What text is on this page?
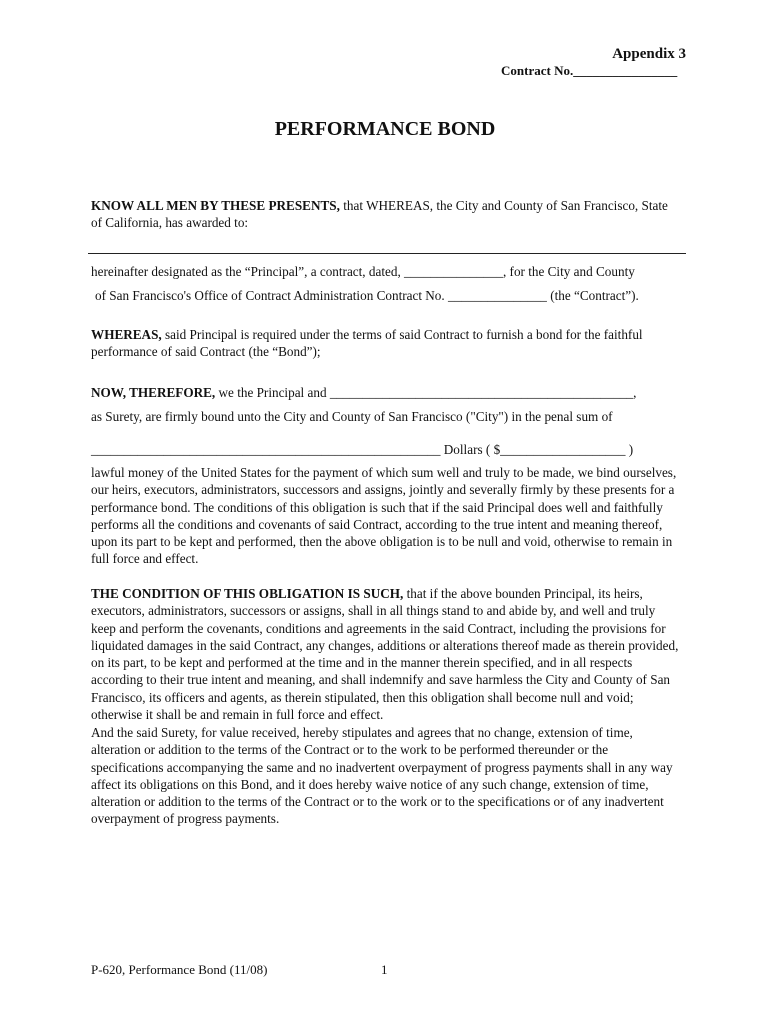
Appendix 3
Contract No.________________
PERFORMANCE BOND
KNOW ALL MEN BY THESE PRESENTS, that WHEREAS, the City and County of San Francisco, State of California, has awarded to:
hereinafter designated as the “Principal”, a contract, dated, _______________, for the City and County
of San Francisco's Office of Contract Administration Contract No. _______________ (the “Contract”).
WHEREAS, said Principal is required under the terms of said Contract to furnish a bond for the faithful performance of said Contract (the “Bond”);
NOW, THEREFORE, we the Principal and ______________________________________________,
as Surety, are firmly bound unto the City and County of San Francisco ("City") in the penal sum of
_____________________________________________________ Dollars ( $___________________ )
lawful money of the United States for the payment of which sum well and truly to be made, we bind ourselves, our heirs, executors, administrators, successors and assigns, jointly and severally firmly by these presents for a performance bond. The conditions of this obligation is such that if the said Principal does well and faithfully performs all the conditions and covenants of said Contract, according to the true intent and meaning thereof, upon its part to be kept and performed, then the above obligation is to be null and void, otherwise to remain in full force and effect.
THE CONDITION OF THIS OBLIGATION IS SUCH, that if the above bounden Principal, its heirs, executors, administrators, successors or assigns, shall in all things stand to and abide by, and well and truly keep and perform the covenants, conditions and agreements in the said Contract, including the provisions for liquidated damages in the said Contract, any changes, additions or alterations thereof made as therein provided, on its part, to be kept and performed at the time and in the manner therein specified, and in all respects according to their true intent and meaning, and shall indemnify and save harmless the City and County of San Francisco, its officers and agents, as therein stipulated, then this obligation shall become null and void; otherwise it shall be and remain in full force and effect.
And the said Surety, for value received, hereby stipulates and agrees that no change, extension of time, alteration or addition to the terms of the Contract or to the work to be performed thereunder or the specifications accompanying the same and no inadvertent overpayment of progress payments shall in any way affect its obligations on this Bond, and it does hereby waive notice of any such change, extension of time, alteration or addition to the terms of the Contract or to the work or to the specifications or of any inadvertent overpayment of progress payments.
P-620, Performance Bond (11/08)	1
